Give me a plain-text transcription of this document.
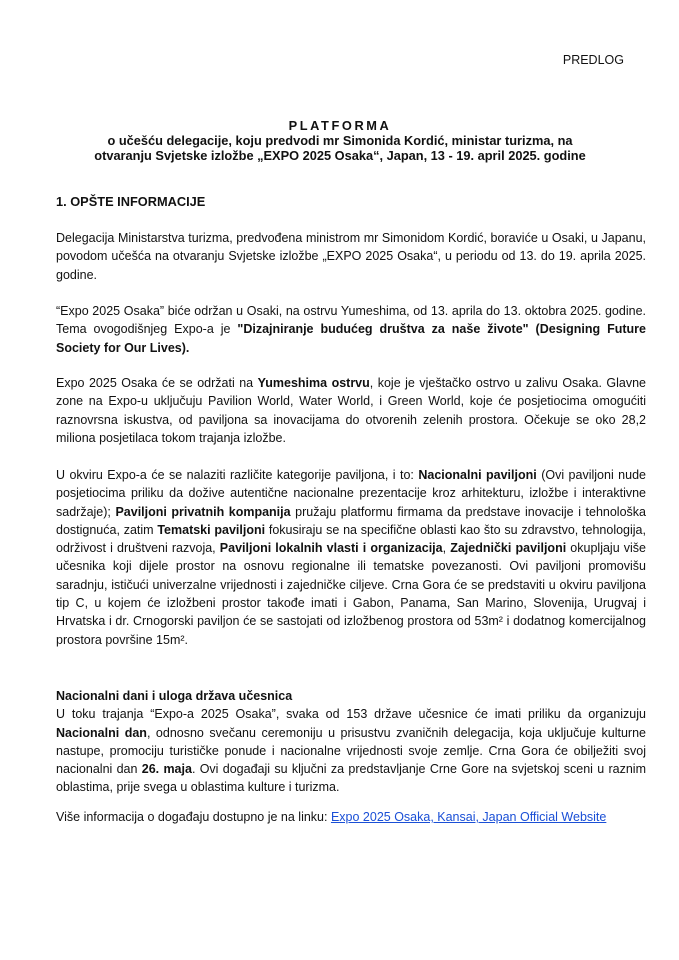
PREDLOG
PLATFORMA
o učešću delegacije, koju predvodi mr Simonida Kordić, ministar turizma, na
otvaranju Svjetske izložbe „EXPO 2025 Osaka“, Japan, 13 - 19. april 2025. godine
1. OPŠTE INFORMACIJE

Delegacija Ministarstva turizma, predvođena ministrom mr Simonidom Kordić, boraviće u Osaki, u Japanu, povodom učešća na otvaranju Svjetske izložbe „EXPO 2025 Osaka“, u periodu od 13. do 19. aprila 2025. godine.

“Expo 2025 Osaka” biće održan u Osaki, na ostrvu Yumeshima, od 13. aprila do 13. oktobra 2025. godine. Tema ovogodišnjeg Expo-a je "Dizajniranje budućeg društva za naše živote" (Designing Future Society for Our Lives).

Expo 2025 Osaka će se održati na Yumeshima ostrvu, koje je vještačko ostrvo u zalivu Osaka. Glavne zone na Expo-u uključuju Pavilion World, Water World, i Green World, koje će posjetiocima omogućiti raznovrsna iskustva, od paviljona sa inovacijama do otvorenih zelenih prostora. Očekuje se oko 28,2 miliona posjetilaca tokom trajanja izložbe.

U okviru Expo-a će se nalaziti različite kategorije paviljona, i to: Nacionalni paviljoni (Ovi paviljoni nude posjetiocima priliku da dožive autentične nacionalne prezentacije kroz arhitekturu, izložbe i interaktivne sadržaje); Paviljoni privatnih kompanija pružaju platformu firmama da predstave inovacije i tehnološka dostignuća, zatim Tematski paviljoni fokusiraju se na specifične oblasti kao što su zdravstvo, tehnologija, održivost i društveni razvoja, Paviljoni lokalnih vlasti i organizacija, Zajednički paviljoni okupljaju više učesnika koji dijele prostor na osnovu regionalne ili tematske povezanosti. Ovi paviljoni promovišu saradnju, ističući univerzalne vrijednosti i zajedničke ciljeve. Crna Gora će se predstaviti u okviru paviljona tip C, u kojem će izložbeni prostor takođe imati i Gabon, Panama, San Marino, Slovenija, Urugvaj i Hrvatska i dr. Crnogorski paviljon će se sastojati od izložbenog prostora od 53m² i dodatnog komercijalnog prostora površine 15m².

Nacionalni dani i uloga država učesnica

U toku trajanja “Expo-a 2025 Osaka”, svaka od 153 države učesnice će imati priliku da organizuju Nacionalni dan, odnosno svečanu ceremoniju u prisustvu zvaničnih delegacija, koja uključuje kulturne nastupe, promociju turističke ponude i nacionalne vrijednosti svoje zemlje. Crna Gora će obilježiti svoj nacionalni dan 26. maja. Ovi događaji su ključni za predstavljanje Crne Gore na svjetskoj sceni u raznim oblastima, prije svega u oblastima kulture i turizma.

Više informacija o događaju dostupno je na linku: Expo 2025 Osaka, Kansai, Japan Official Website
